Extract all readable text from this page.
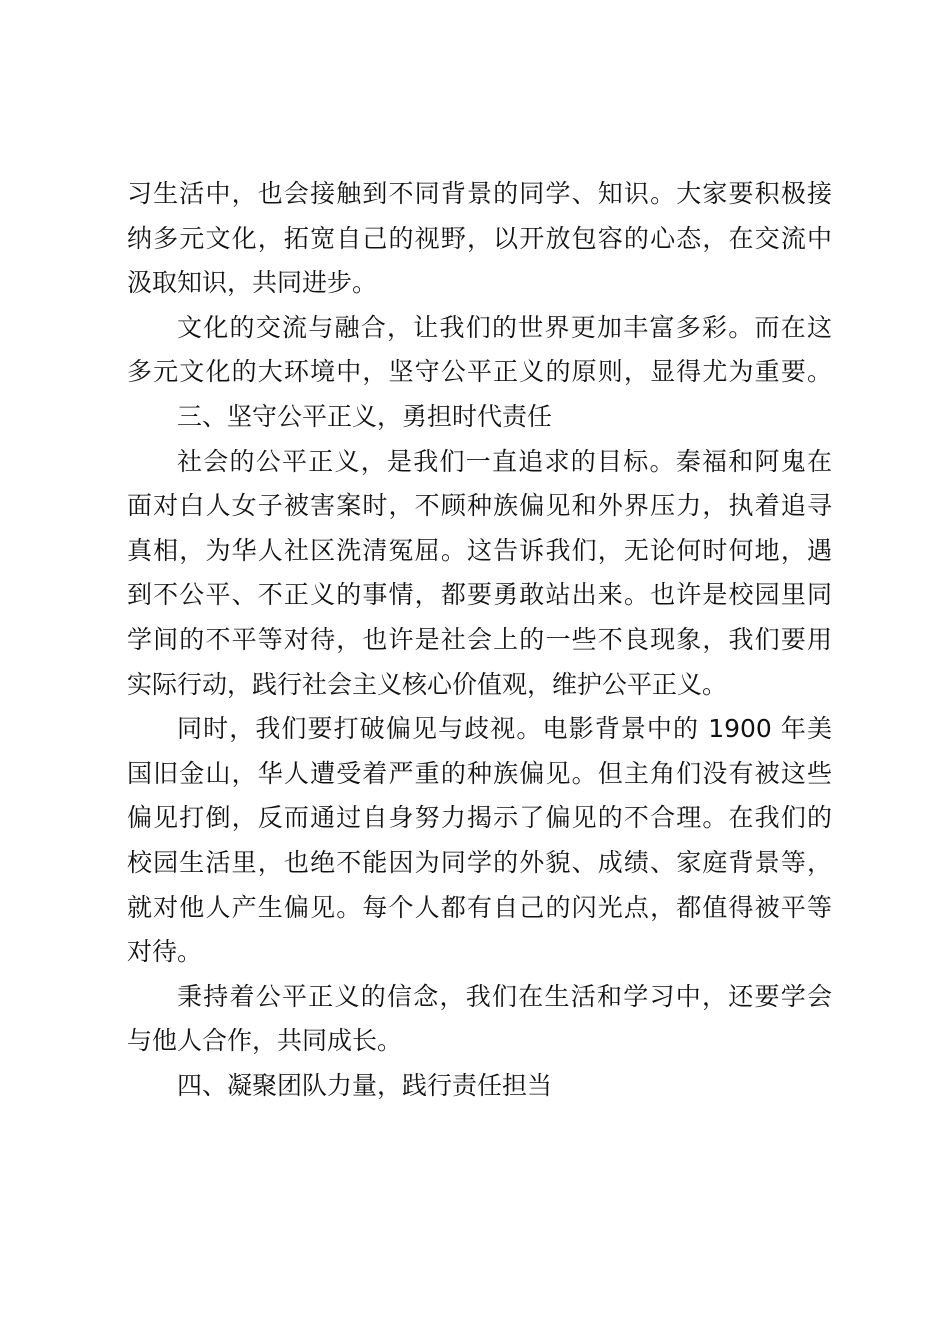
习生活中，也会接触到不同背景的同学、知识。大家要积极接
纳多元文化，拓宽自己的视野，以开放包容的心态，在交流中
汲取知识，共同进步。
文化的交流与融合，让我们的世界更加丰富多彩。而在这
多元文化的大环境中，坚守公平正义的原则，显得尤为重要。
三、坚守公平正义，勇担时代责任
社会的公平正义，是我们一直追求的目标。秦福和阿鬼在
面对白人女子被害案时，不顾种族偏见和外界压力，执着追寻
真相，为华人社区洗清冤屈。这告诉我们，无论何时何地，遇
到不公平、不正义的事情，都要勇敢站出来。也许是校园里同
学间的不平等对待，也许是社会上的一些不良现象，我们要用
实际行动，践行社会主义核心价值观，维护公平正义。
同时，我们要打破偏见与歧视。电影背景中的 1900 年美
国旧金山，华人遭受着严重的种族偏见。但主角们没有被这些
偏见打倒，反而通过自身努力揭示了偏见的不合理。在我们的
校园生活里，也绝不能因为同学的外貌、成绩、家庭背景等，
就对他人产生偏见。每个人都有自己的闪光点，都值得被平等
对待。
秉持着公平正义的信念，我们在生活和学习中，还要学会
与他人合作，共同成长。
四、凝聚团队力量，践行责任担当
